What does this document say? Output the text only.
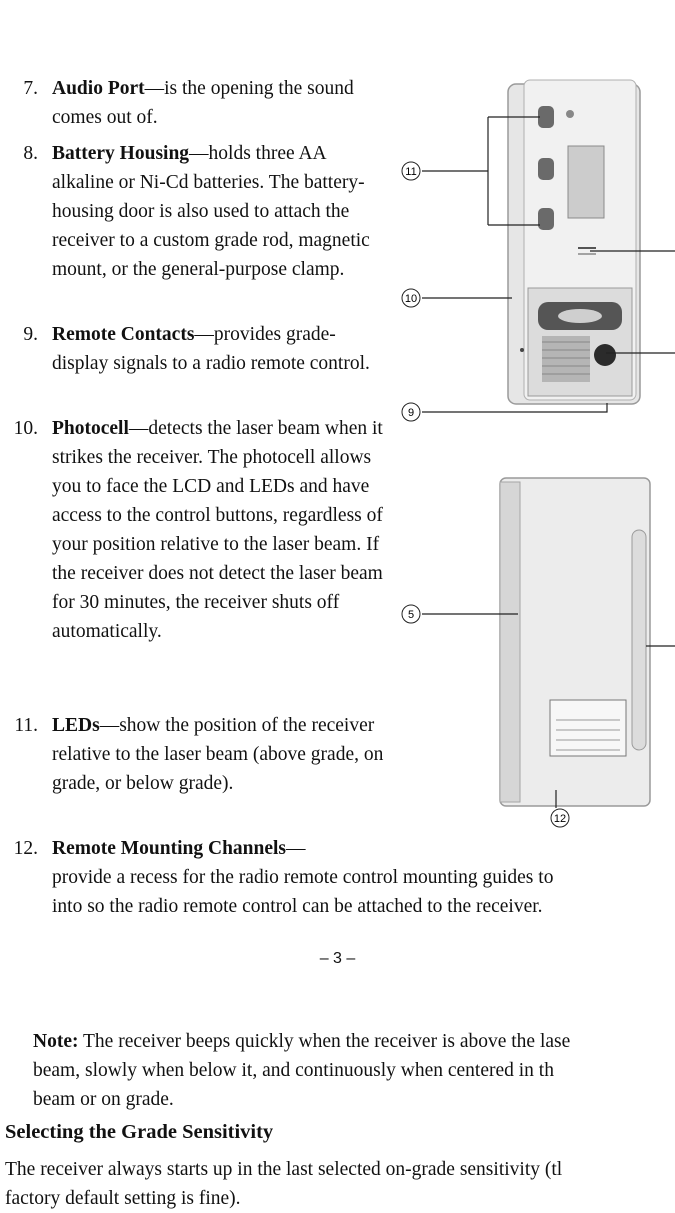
7. Audio Port—is the opening the sound comes out of.
8. Battery Housing—holds three AA alkaline or Ni-Cd batteries. The battery-housing door is also used to attach the receiver to a custom grade rod, magnetic mount, or the general-purpose clamp.
9. Remote Contacts—provides grade-display signals to a radio remote control.
10. Photocell—detects the laser beam when it strikes the receiver. The photocell allows you to face the LCD and LEDs and have access to the control buttons, regardless of your position relative to the laser beam. If the receiver does not detect the laser beam for 30 minutes, the receiver shuts off automatically.
11. LEDs—show the position of the receiver relative to the laser beam (above grade, on grade, or below grade).
12. Remote Mounting Channels—
provide a recess for the radio remote control mounting guides to
into so the radio remote control can be attached to the receiver.
11
10
9
5
12
– 3 –
Note: The receiver beeps quickly when the receiver is above the lase
beam, slowly when below it, and continuously when centered in th
beam or on grade.
Selecting the Grade Sensitivity
The receiver always starts up in the last selected on-grade sensitivity (tl
factory default setting is fine).
